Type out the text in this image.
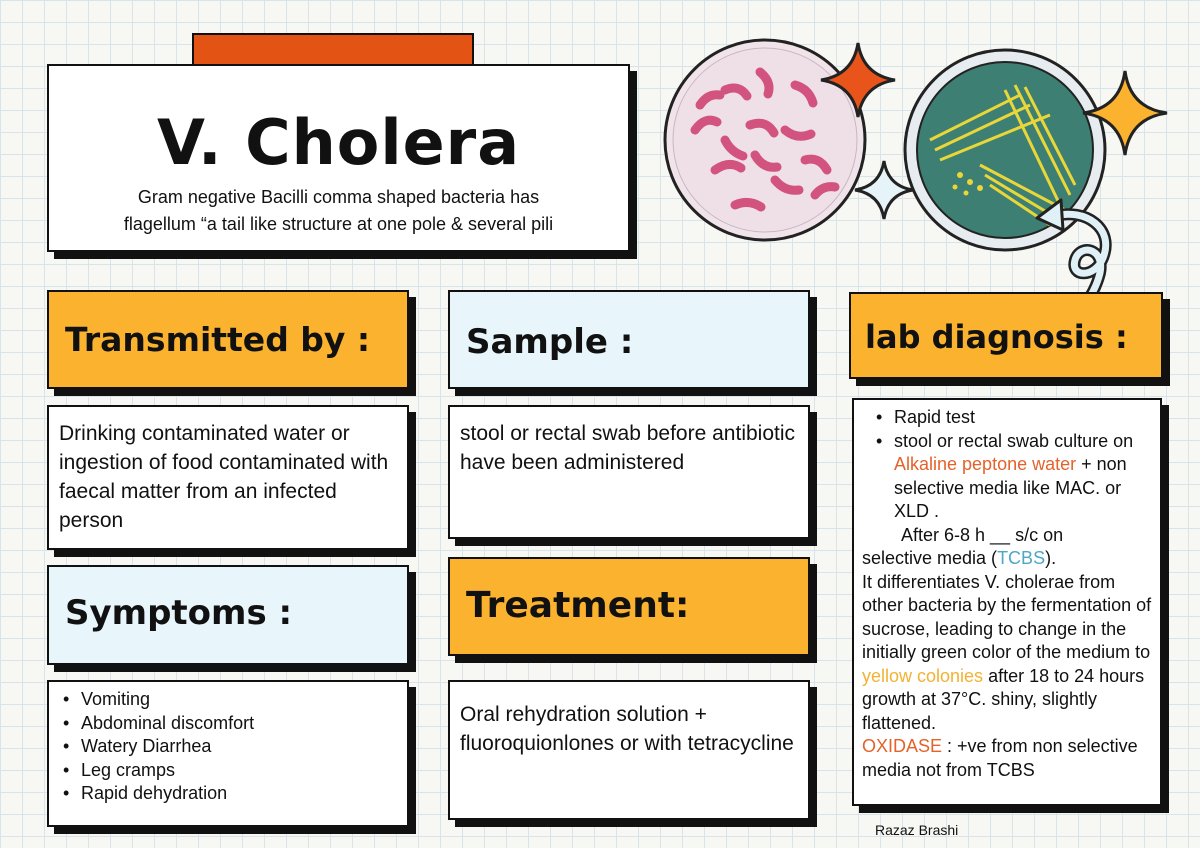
V. Cholera
Gram negative Bacilli comma shaped bacteria has
flagellum “a tail like structure at one pole & several pili
Transmitted by :

Drinking contaminated water or ingestion of food contaminated with faecal matter from an infected person

Symptoms :
• Vomiting
• Abdominal discomfort
• Watery Diarrhea
• Leg cramps
• Rapid dehydration
Sample :

stool or rectal swab before antibiotic have been administered

Treatment:

Oral rehydration solution + fluoroquionlones or with tetracycline

lab diagnosis :
• Rapid test
• stool or rectal swab culture on Alkaline peptone water + non selective media like MAC. or XLD .

After 6-8 h __ s/c on

selective media (TCBS).

It differentiates V. cholerae from other bacteria by the fermentation of sucrose, leading to change in the initially green color of the medium to yellow colonies after 18 to 24 hours growth at 37°C. shiny, slightly flattened.

OXIDASE : +ve from non selective media not from TCBS

Razaz Brashi
